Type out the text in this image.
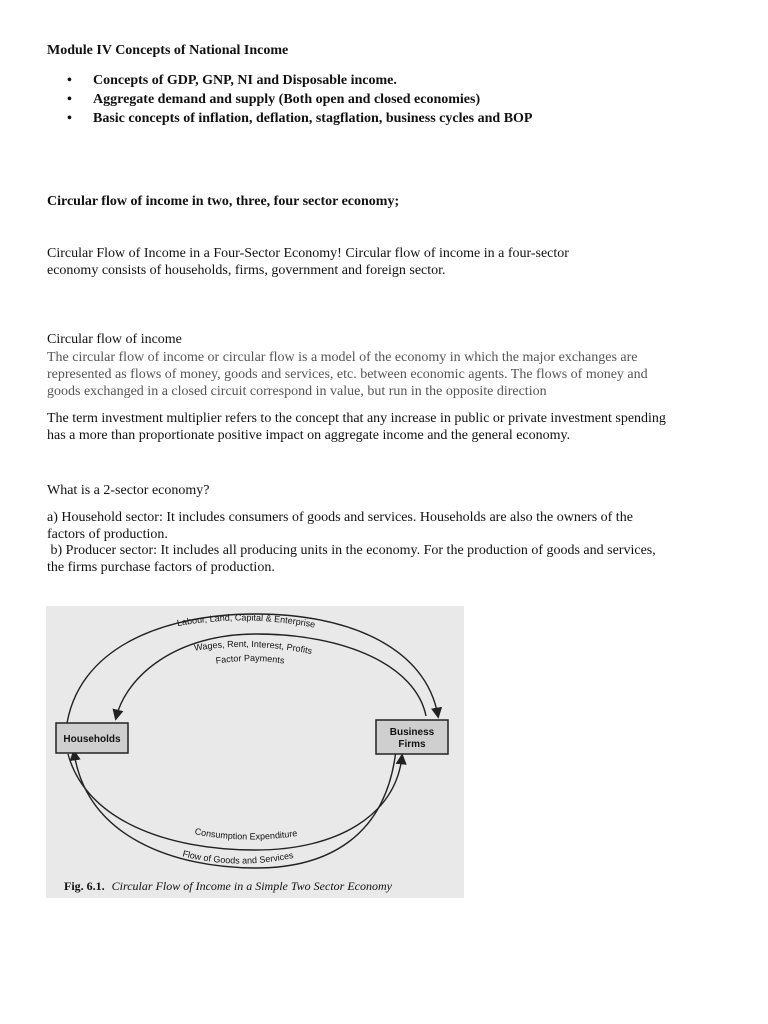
Module IV Concepts of National Income

• Concepts of GDP, GNP, NI and Disposable income.
• Aggregate demand and supply (Both open and closed economies)
• Basic concepts of inflation, deflation, stagflation, business cycles and BOP

Circular flow of income in two, three, four sector economy;

Circular Flow of Income in a Four-Sector Economy! Circular flow of income in a four-sector
economy consists of households, firms, government and foreign sector.
Circular flow of income
The circular flow of income or circular flow is a model of the economy in which the major exchanges are
represented as flows of money, goods and services, etc. between economic agents. The flows of money and
goods exchanged in a closed circuit correspond in value, but run in the opposite direction
The term investment multiplier refers to the concept that any increase in public or private investment spending
has a more than proportionate positive impact on aggregate income and the general economy.
What is a 2-sector economy?
a) Household sector: It includes consumers of goods and services. Households are also the owners of the
factors of production.
b) Producer sector: It includes all producing units in the economy. For the production of goods and services,
the firms purchase factors of production.
Households
Business
Firms
Labour, Land, Capital & Enterprise
Wages, Rent, Interest, Profits
Factor Payments
Consumption Expenditure
Flow of Goods and Services
Fig. 6.1. Circular Flow of Income in a Simple Two Sector Economy
